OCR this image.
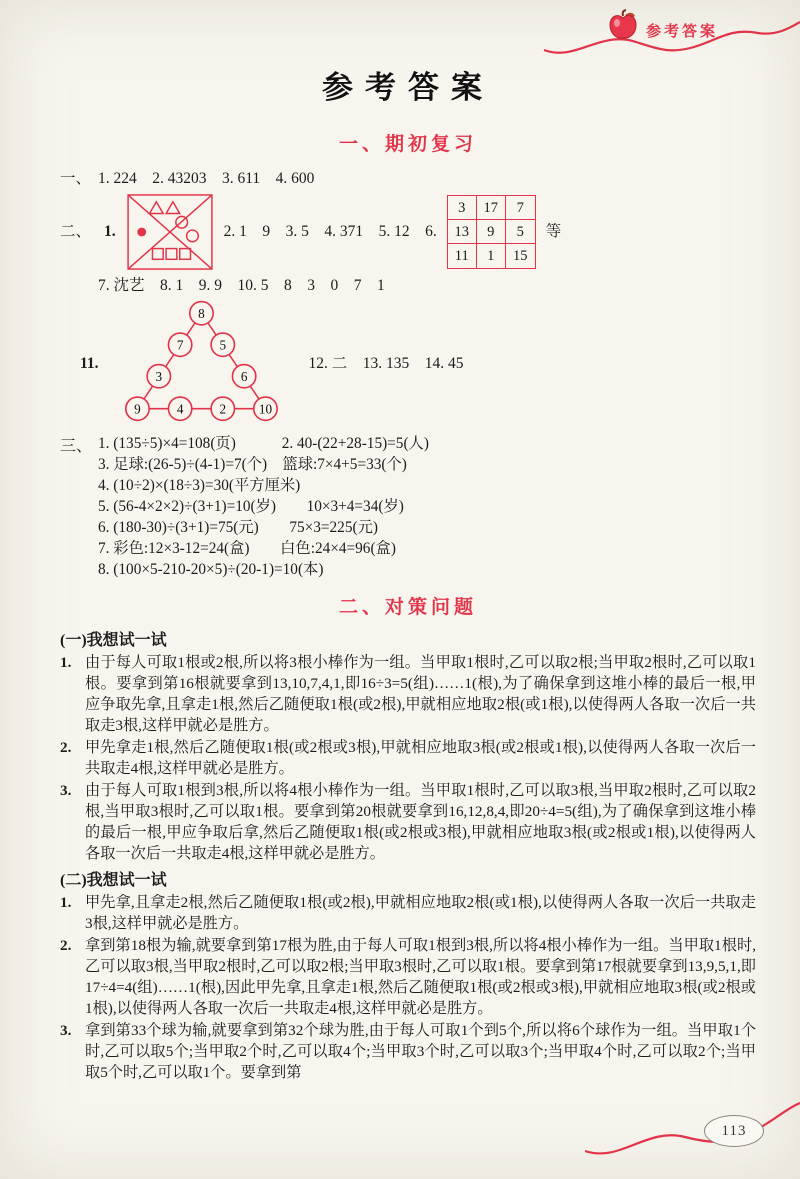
参考答案
参考答案
一、期初复习
一、 1. 224　2. 43203　3. 611　4. 600
二、 1.	2. 1　9　3. 5　4. 371　5. 12　6.
3	17	7
13	9	5
11	1	15
等
7. 沈艺　8. 1　9. 9　10. 5　8　3　0　7　1
11.
8
7	5
3	6
9	4	2	10
12. 二　13. 135　14. 45
三、 1. (135÷5)×4=108(页)　　　2. 40-(22+28-15)=5(人)
3. 足球:(26-5)÷(4-1)=7(个)　篮球:7×4+5=33(个)
4. (10÷2)×(18÷3)=30(平方厘米)
5. (56-4×2×2)÷(3+1)=10(岁)　　10×3+4=34(岁)
6. (180-30)÷(3+1)=75(元)　　75×3=225(元)
7. 彩色:12×3-12=24(盒)　　白色:24×4=96(盒)
8. (100×5-210-20×5)÷(20-1)=10(本)
二、对策问题
(一)我想试一试
1. 由于每人可取1根或2根,所以将3根小棒作为一组。当甲取1根时,乙可以取2根;当甲取2根时,乙可以取1根。要拿到第16根就要拿到13,10,7,4,1,即16÷3=5(组)……1(根),为了确保拿到这堆小棒的最后一根,甲应争取先拿,且拿走1根,然后乙随便取1根(或2根),甲就相应地取2根(或1根),以使得两人各取一次后一共取走3根,这样甲就必是胜方。
2. 甲先拿走1根,然后乙随便取1根(或2根或3根),甲就相应地取3根(或2根或1根),以使得两人各取一次后一共取走4根,这样甲就必是胜方。
3. 由于每人可取1根到3根,所以将4根小棒作为一组。当甲取1根时,乙可以取3根,当甲取2根时,乙可以取2根,当甲取3根时,乙可以取1根。要拿到第20根就要拿到16,12,8,4,即20÷4=5(组),为了确保拿到这堆小棒的最后一根,甲应争取后拿,然后乙随便取1根(或2根或3根),甲就相应地取3根(或2根或1根),以使得两人各取一次后一共取走4根,这样甲就必是胜方。
(二)我想试一试
1. 甲先拿,且拿走2根,然后乙随便取1根(或2根),甲就相应地取2根(或1根),以使得两人各取一次后一共取走3根,这样甲就必是胜方。
2. 拿到第18根为输,就要拿到第17根为胜,由于每人可取1根到3根,所以将4根小棒作为一组。当甲取1根时,乙可以取3根,当甲取2根时,乙可以取2根;当甲取3根时,乙可以取1根。要拿到第17根就要拿到13,9,5,1,即17÷4=4(组)……1(根),因此甲先拿,且拿走1根,然后乙随便取1根(或2根或3根),甲就相应地取3根(或2根或1根),以使得两人各取一次后一共取走4根,这样甲就必是胜方。
3. 拿到第33个球为输,就要拿到第32个球为胜,由于每人可取1个到5个,所以将6个球作为一组。当甲取1个时,乙可以取5个;当甲取2个时,乙可以取4个;当甲取3个时,乙可以取3个;当甲取4个时,乙可以取2个;当甲取5个时,乙可以取1个。要拿到第
113
